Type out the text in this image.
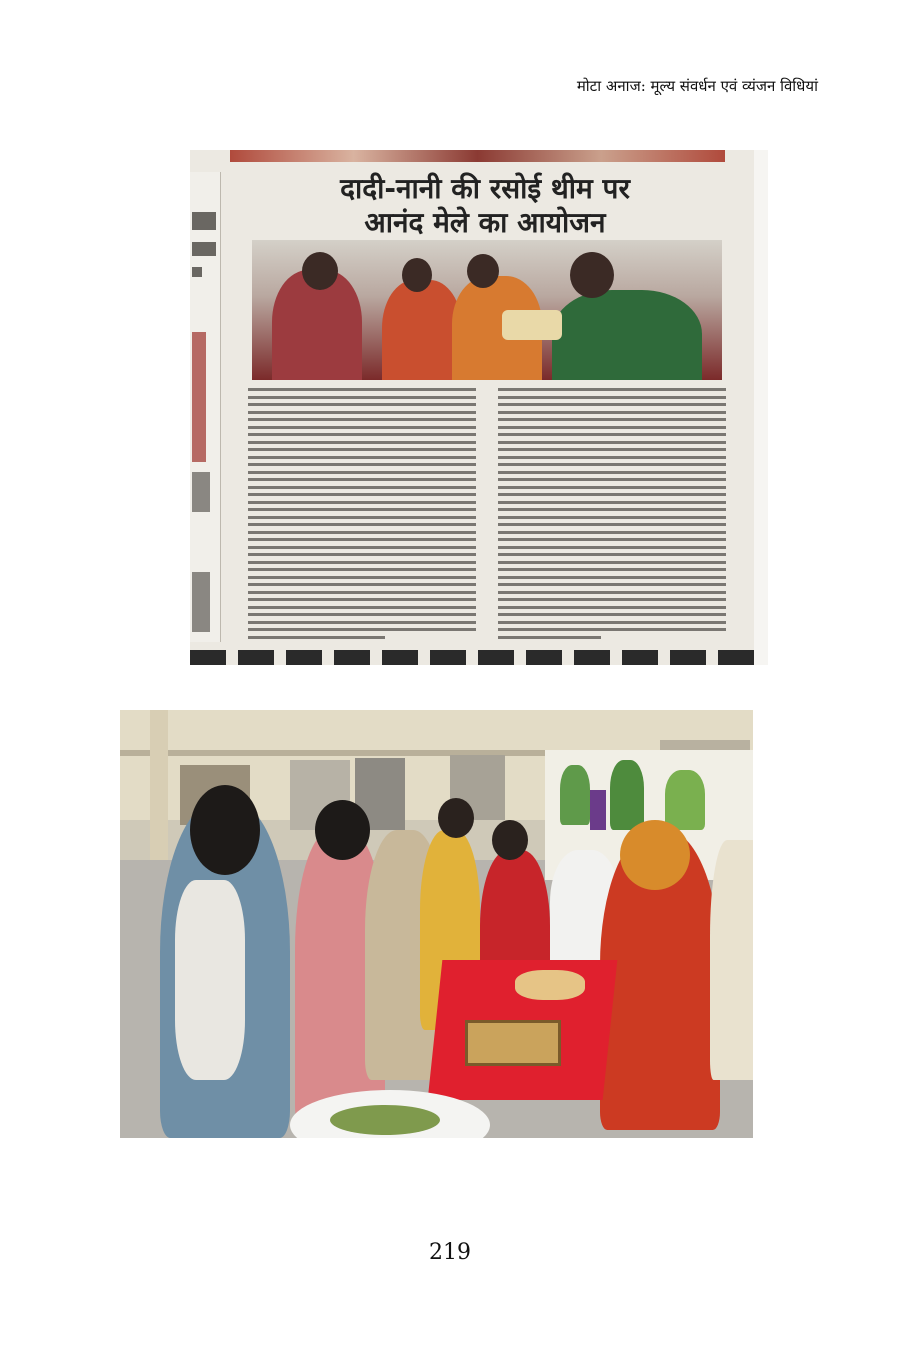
मोटा अनाज: मूल्य संवर्धन एवं व्यंजन विधियां
दादी-नानी की रसोई थीम पर
आनंद मेले का आयोजन
219
